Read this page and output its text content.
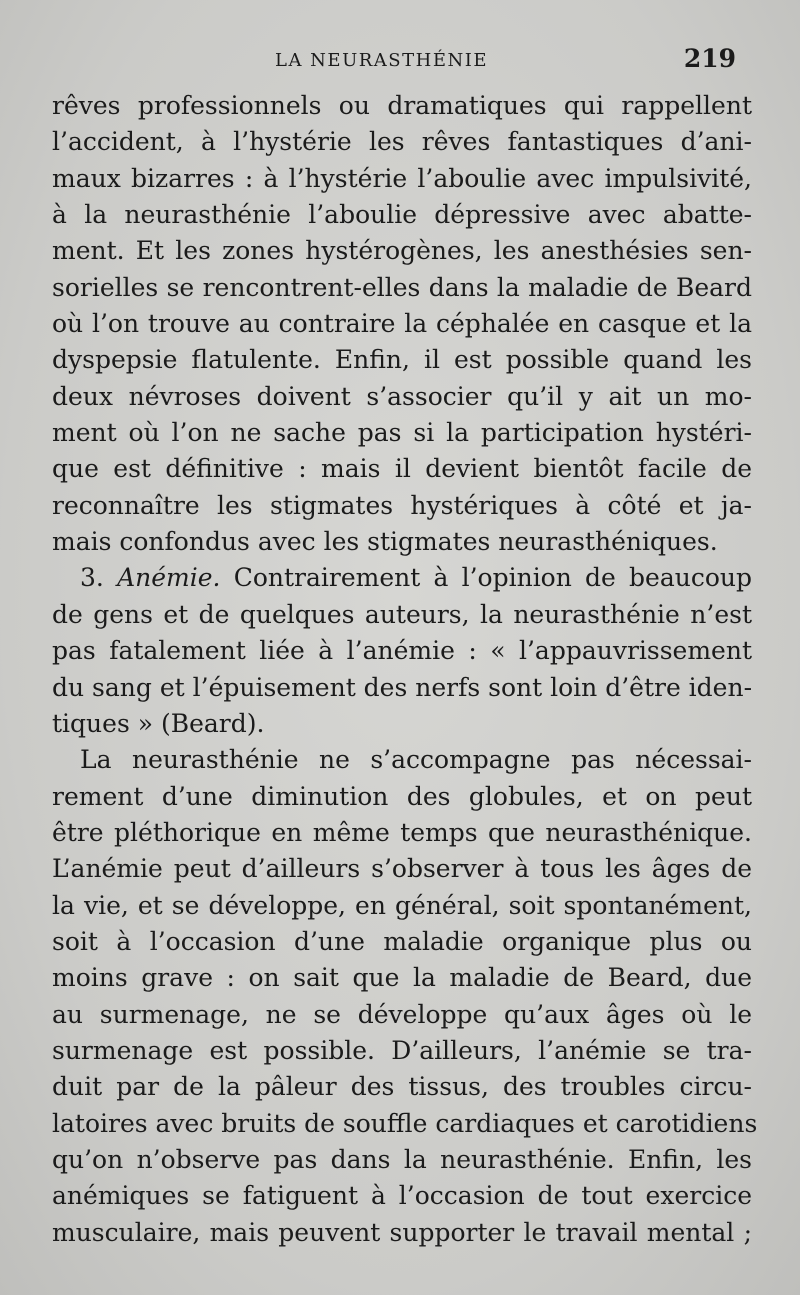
LA NEURASTHÉNIE	219
rêves professionnels ou dramatiques qui rappellent
l’accident, à l’hystérie les rêves fantastiques d’ani-
maux bizarres : à l’hystérie l’aboulie avec impulsivité,
à la neurasthénie l’aboulie dépressive avec abatte-
ment. Et les zones hystérogènes, les anesthésies sen-
sorielles se rencontrent-elles dans la maladie de Beard
où l’on trouve au contraire la céphalée en casque et la
dyspepsie flatulente. Enfin, il est possible quand les
deux névroses doivent s’associer qu’il y ait un mo-
ment où l’on ne sache pas si la participation hystéri-
que est définitive : mais il devient bientôt facile de
reconnaître les stigmates hystériques à côté et ja-
mais confondus avec les stigmates neurasthéniques.
3. Anémie. Contrairement à l’opinion de beaucoup
de gens et de quelques auteurs, la neurasthénie n’est
pas fatalement liée à l’anémie : « l’appauvrissement
du sang et l’épuisement des nerfs sont loin d’être iden-
tiques » (Beard).
La neurasthénie ne s’accompagne pas nécessai-
rement d’une diminution des globules, et on peut
être pléthorique en même temps que neurasthénique.
L’anémie peut d’ailleurs s’observer à tous les âges de
la vie, et se développe, en général, soit spontanément,
soit à l’occasion d’une maladie organique plus ou
moins grave : on sait que la maladie de Beard, due
au surmenage, ne se développe qu’aux âges où le
surmenage est possible. D’ailleurs, l’anémie se tra-
duit par de la pâleur des tissus, des troubles circu-
latoires avec bruits de souffle cardiaques et carotidiens
qu’on n’observe pas dans la neurasthénie. Enfin, les
anémiques se fatiguent à l’occasion de tout exercice
musculaire, mais peuvent supporter le travail mental ;
